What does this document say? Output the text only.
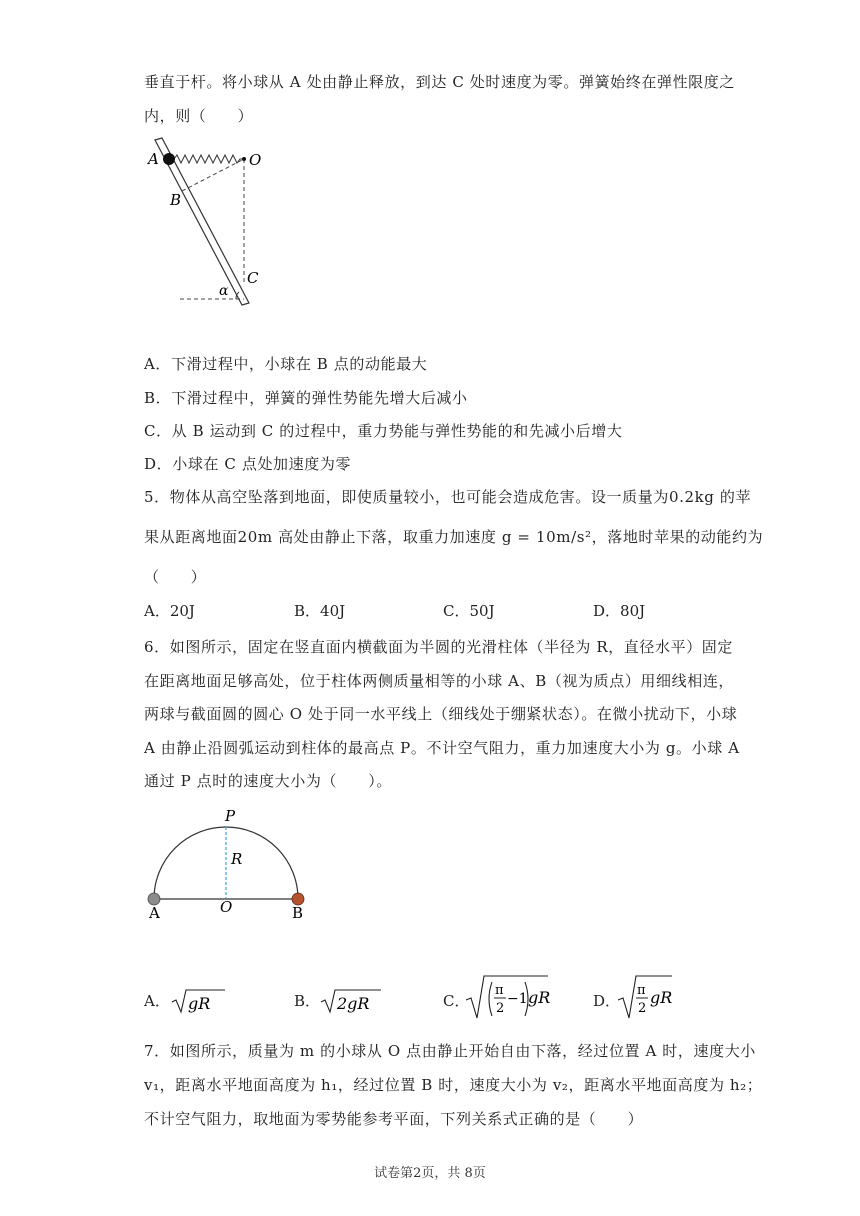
垂直于杆。将小球从 A 处由静止释放，到达 C 处时速度为零。弹簧始终在弹性限度之
内，则（　　）
A	O
B
C
α
A．下滑过程中，小球在 B 点的动能最大
B．下滑过程中，弹簧的弹性势能先增大后减小
C．从 B 运动到 C 的过程中，重力势能与弹性势能的和先减小后增大
D．小球在 C 点处加速度为零
5．物体从高空坠落到地面，即使质量较小，也可能会造成危害。设一质量为0.2kg 的苹
果从距离地面20m 高处由静止下落，取重力加速度 g = 10m/s²，落地时苹果的动能约为
（　　）
A．20J	B．40J	C．50J	D．80J
6．如图所示，固定在竖直面内横截面为半圆的光滑柱体（半径为 R，直径水平）固定
在距离地面足够高处，位于柱体两侧质量相等的小球 A、B（视为质点）用细线相连，
两球与截面圆的圆心 O 处于同一水平线上（细线处于绷紧状态）。在微小扰动下，小球
A 由静止沿圆弧运动到柱体的最高点 P。不计空气阻力，重力加速度大小为 g。小球 A
通过 P 点时的速度大小为（　　）。
P
R
A	O	B
A． gR	B． 2gR	C．
π
2
−1 gR	D．
π
2
gR
7．如图所示，质量为 m 的小球从 O 点由静止开始自由下落，经过位置 A 时，速度大小
v₁，距离水平地面高度为 h₁，经过位置 B 时，速度大小为 v₂，距离水平地面高度为 h₂；
不计空气阻力，取地面为零势能参考平面，下列关系式正确的是（　　）
试卷第2页，共 8页
